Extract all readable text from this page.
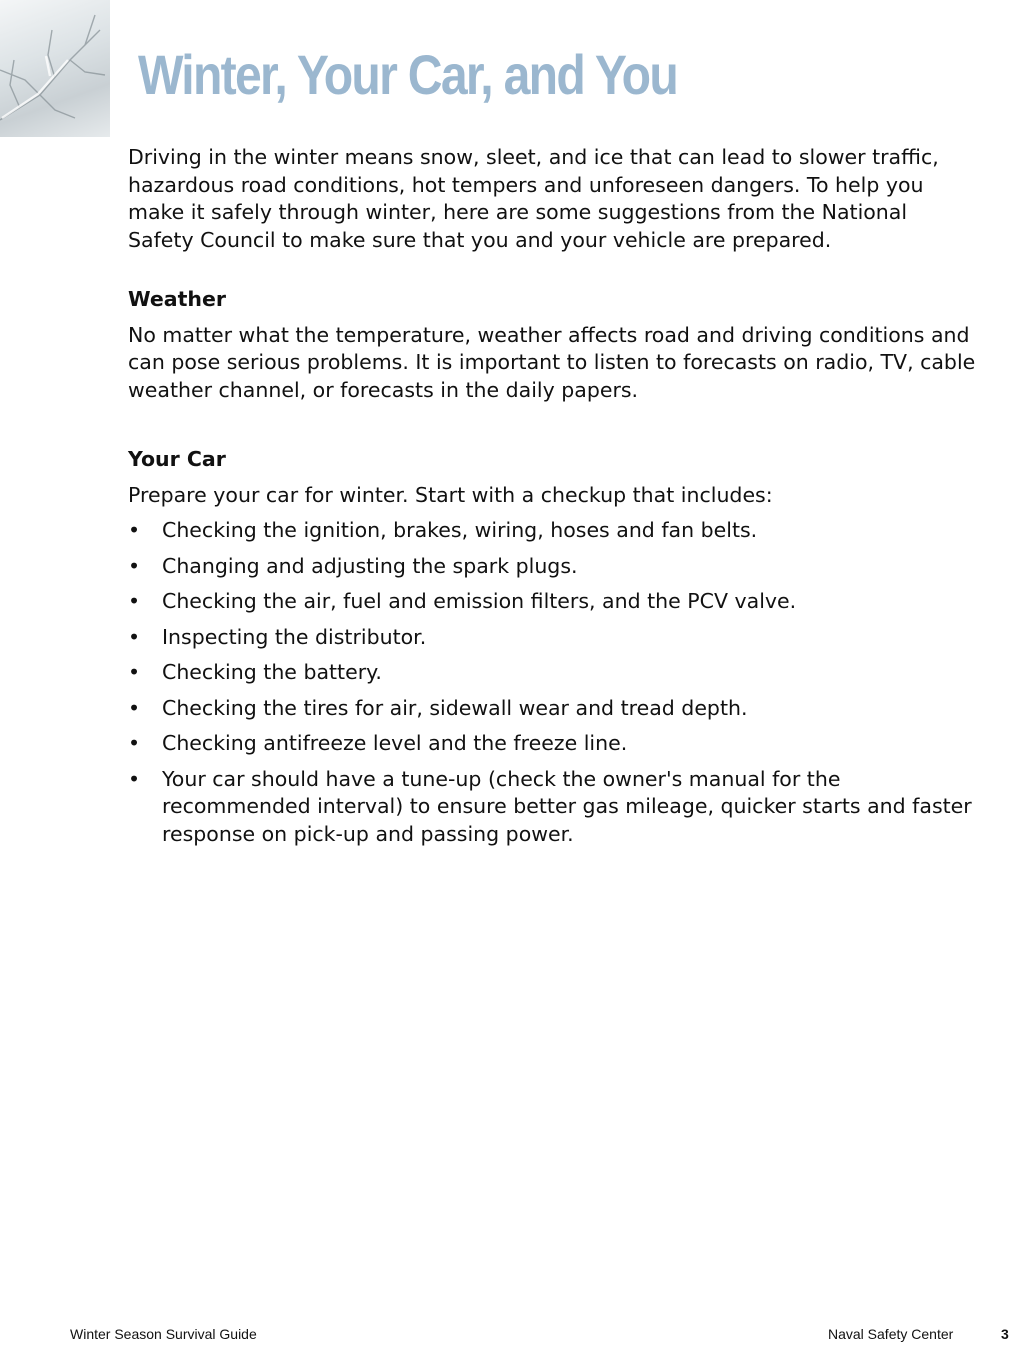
Winter, Your Car, and You

Driving in the winter means snow, sleet, and ice that can lead to slower traffic, hazardous road conditions, hot tempers and unforeseen dangers. To help you make it safely through winter, here are some suggestions from the National Safety Council to make sure that you and your vehicle are prepared.

Weather

No matter what the temperature, weather affects road and driving conditions and can pose serious problems. It is important to listen to forecasts on radio, TV, cable weather channel, or forecasts in the daily papers.

Your Car

Prepare your car for winter. Start with a checkup that includes:

• Checking the ignition, brakes, wiring, hoses and fan belts.
• Changing and adjusting the spark plugs.
• Checking the air, fuel and emission filters, and the PCV valve.
• Inspecting the distributor.
• Checking the battery.
• Checking the tires for air, sidewall wear and tread depth.
• Checking antifreeze level and the freeze line.
• Your car should have a tune-up (check the owner's manual for the recommended interval) to ensure better gas mileage, quicker starts and faster response on pick-up and passing power.
Winter Season Survival Guide	Naval Safety Center	3
